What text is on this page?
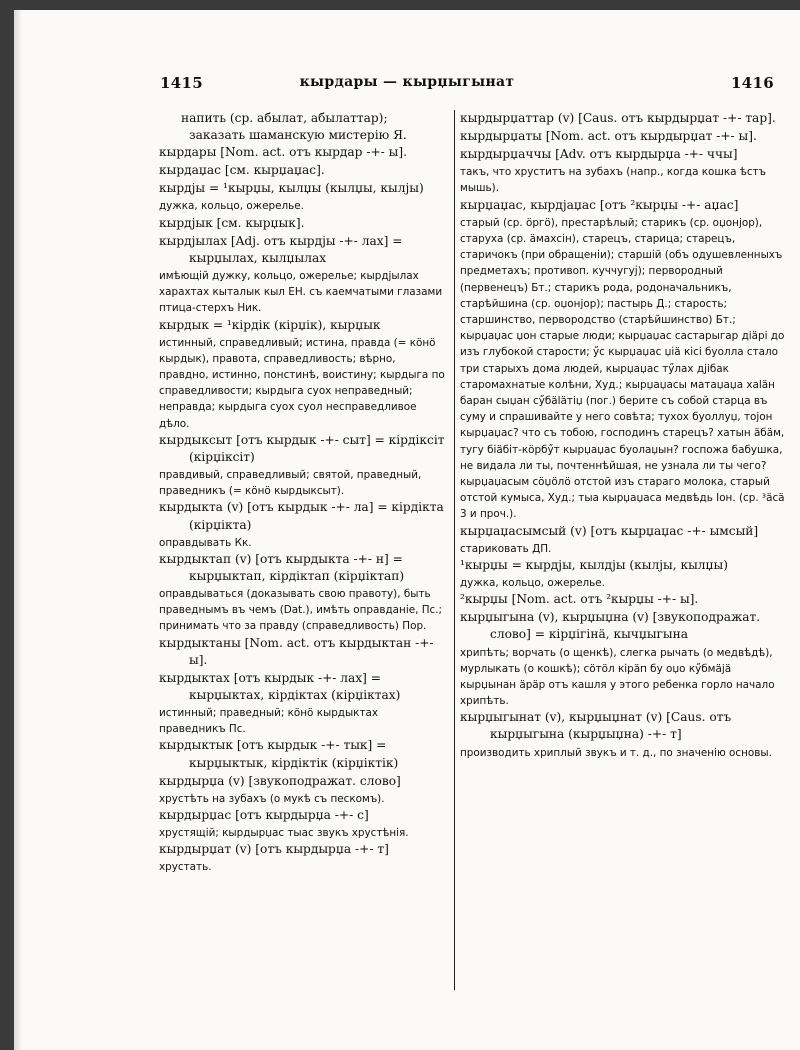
1415	кырдары — кырџыгынат	1416
напить (ср. абылат, абылаттар); заказать шаманскую мистерію Я.
кырдары [Nom. act. отъ кырдар -+- ы].
кырдаџас [см. кырџаџас].
кырдjы = ¹кырџы, кылџы (кылџы, кылjы)
дужка, кольцо, ожерелье.
кырдjык [см. кырџык].
кырдjылах [Adj. отъ кырдjы -+- лах] = кырџылах, кылџылах
имѣющій дужку, кольцо, ожерелье; кырдjылах харахтах кыталык кыл ЕН. съ каемчатыми глазами птица-стерхъ Ник.
кырдык = ¹кірдік (кірџік), кырџык
истинный, справедливый; истина, правда (= кӧнӧ кырдык), правота, справедливость; вѣрно, правдно, истинно, понстинѣ, воистину; кырдыга по справедливости; кырдыга суох неправедный; неправда; кырдыга суох суол несправедливое дѣло.
кырдыксыт [отъ кырдык -+- сыт] = кірдіксіт (кірџіксіт)
правдивый, справедливый; святой, праведный, праведникъ (= кӧнӧ кырдыксыт).
кырдыкта (v) [отъ кырдык -+- ла] = кірдікта (кірџікта)
оправдывать Кк.
кырдыктап (v) [отъ кырдыкта -+- н] = кырџыктап, кірдіктап (кірџіктап)
оправдываться (доказывать свою правоту), быть праведнымъ въ чемъ (Dat.), имѣть оправданіе, Пс.; принимать что за правду (справедливость) Пор.
кырдыктаны [Nom. act. отъ кырдыктан -+- ы].
кырдыктах [отъ кырдык -+- лах] = кырџыктах, кірдіктах (кірџіктах)
истинный; праведный; кӧнӧ кырдыктах праведникъ Пс.
кырдыктык [отъ кырдык -+- тык] = кырџыктык, кірдіктік (кірџіктік)
кырдырџа (v) [звукоподражат. слово]
хрустѣть на зубахъ (о мукѣ съ пескомъ).
кырдырџас [отъ кырдырџа -+- с]
хрустящій; кырдырџас тыас звукъ хрустѣнія.
кырдырџат (v) [отъ кырдырџа -+- т]
хрустать.
кырдырџаттар (v) [Caus. отъ кырдырџат -+- тар].
кырдырџаты [Nom. act. отъ кырдырџат -+- ы].
кырдырџаччы [Adv. отъ кырдырџа -+- ччы]
такъ, что хруститъ на зубахъ (напр., когда кошка ѣстъ мышь).
кырџаџас, кырдjаџас [отъ ²кырџы -+- аџас]
старый (ср. ӧргӧ), престарѣлый; старикъ (ср. оџонjор), старуха (ср. ӓмахсін), старецъ, старица; старецъ, старичокъ (при обращеніи); старшій (объ одушевленныхъ предметахъ; противоп. куччугуј); первородный (первенецъ) Бт.; старикъ рода, родоначальникъ, старѣйшина (ср. оџонjор); пастырь Д.; старость; старшинство, первородство (старѣйшинство) Бт.; кырџаџас џон старые люди; кырџаџас састарыгар дiäрi до изъ глубокой старости; ӳс кырџаџас џіä кісі буолла стало три старыхъ дома людей, кырџаџас тӳлах дjiбак старомахнатые колѣни, Худ.; кырџаџасы матаџаџа хаläн баран сыџан сӳбäläтiџ (пог.) берите съ собой старца въ суму и спрашивайте у него совѣта; тухох буоллуџ, тоjон кырџаџас? что съ тобою, господинъ старецъ? хатын äбäм, тугу біäбіт-кӧрбӳт кырџаџас буолаџын? госпожа бабушка, не видала ли ты, почтеннѣйшая, не узнала ли ты чего? кырџаџасым сӧџӧлӧ отстой изъ стараго молока, старый отстой кумыса, Худ.; тыа кырџаџаса медвѣдь Іон. (ср. ³äсä 3 и проч.).
кырџаџасымсый (v) [отъ кырџаџас -+- ымсый]
старикoвать ДП.
¹кырџы = кырдjы, кылдjы (кылjы, кылџы)
дужка, кольцо, ожерелье.
²кырџы [Nom. act. отъ ²кырџы -+- ы].
кырџыгына (v), кырџыџна (v) [звукоподражат. слово] = кірџігінä, кычџыгына
хрипѣть; ворчать (о щенкѣ), слегка рычать (о медвѣдѣ), мурлыкать (о кошкѣ); сӧтӧл кірäп бу оџо кӳбмäjä кырџынан äрäр отъ кашля у этого ребенка горло начало хрипѣть.
кырџыгынат (v), кырџыџнат (v) [Caus. отъ кырџыгына (кырџыџна) -+- т]
производить хриплый звукъ и т. д., по значенію основы.
